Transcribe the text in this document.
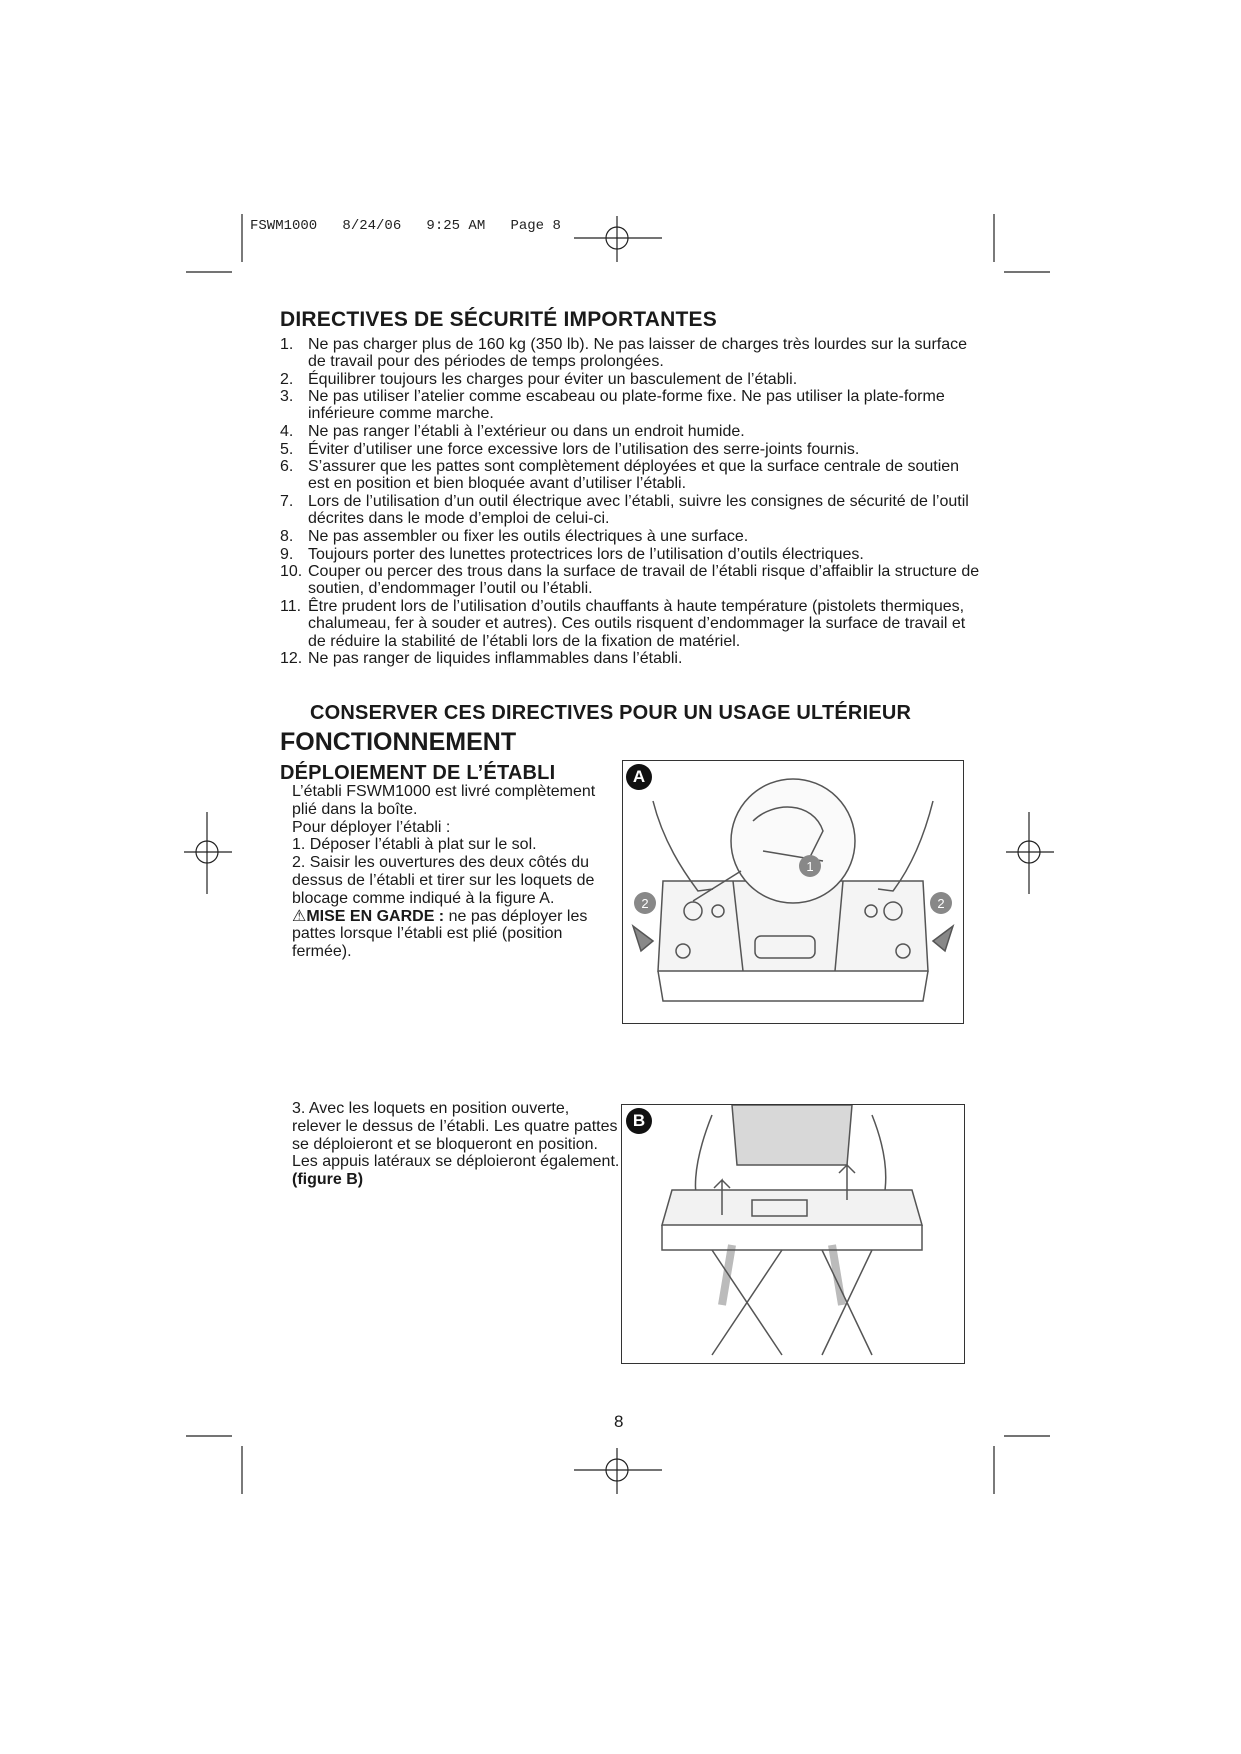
FSWM1000   8/24/06   9:25 AM   Page 8
DIRECTIVES DE SÉCURITÉ IMPORTANTES
1. Ne pas charger plus de 160 kg (350 lb). Ne pas laisser de charges très lourdes sur la surface de travail pour des périodes de temps prolongées.
2. Équilibrer toujours les charges pour éviter un basculement de l’établi.
3. Ne pas utiliser l’atelier comme escabeau ou plate-forme fixe. Ne pas utiliser la plate-forme inférieure comme marche.
4. Ne pas ranger l’établi à l’extérieur ou dans un endroit humide.
5. Éviter d’utiliser une force excessive lors de l’utilisation des serre-joints fournis.
6. S’assurer que les pattes sont complètement déployées et que la surface centrale de soutien est en position et bien bloquée avant d’utiliser l’établi.
7. Lors de l’utilisation d’un outil électrique avec l’établi, suivre les consignes de sécurité de l’outil décrites dans le mode d’emploi de celui-ci.
8. Ne pas assembler ou fixer les outils électriques à une surface.
9. Toujours porter des lunettes protectrices lors de l’utilisation d’outils électriques.
10. Couper ou percer des trous dans la surface de travail de l’établi risque d’affaiblir la structure de soutien, d’endommager l’outil ou l’établi.
11. Être prudent lors de l’utilisation d’outils chauffants à haute température (pistolets thermiques, chalumeau, fer à souder et autres). Ces outils risquent d’endommager la surface de travail et de réduire la stabilité de l’établi lors de la fixation de matériel.
12. Ne pas ranger de liquides inflammables dans l’établi.
CONSERVER CES DIRECTIVES POUR UN USAGE ULTÉRIEUR
FONCTIONNEMENT
DÉPLOIEMENT DE L’ÉTABLI

L’établi FSWM1000 est livré complètement plié dans la boîte.

Pour déployer l’établi :

1. Déposer l’établi à plat sur le sol.

2. Saisir les ouvertures des deux côtés du dessus de l’établi et tirer sur les loquets de blocage comme indiqué à la figure A.

⚠MISE EN GARDE : ne pas déployer les pattes lorsque l’établi est plié (position fermée).

1
2	2
A

3. Avec les loquets en position ouverte, relever le dessus de l’établi. Les quatre pattes se déploieront et se bloqueront en position. Les appuis latéraux se déploieront également. (figure B)

B
8
